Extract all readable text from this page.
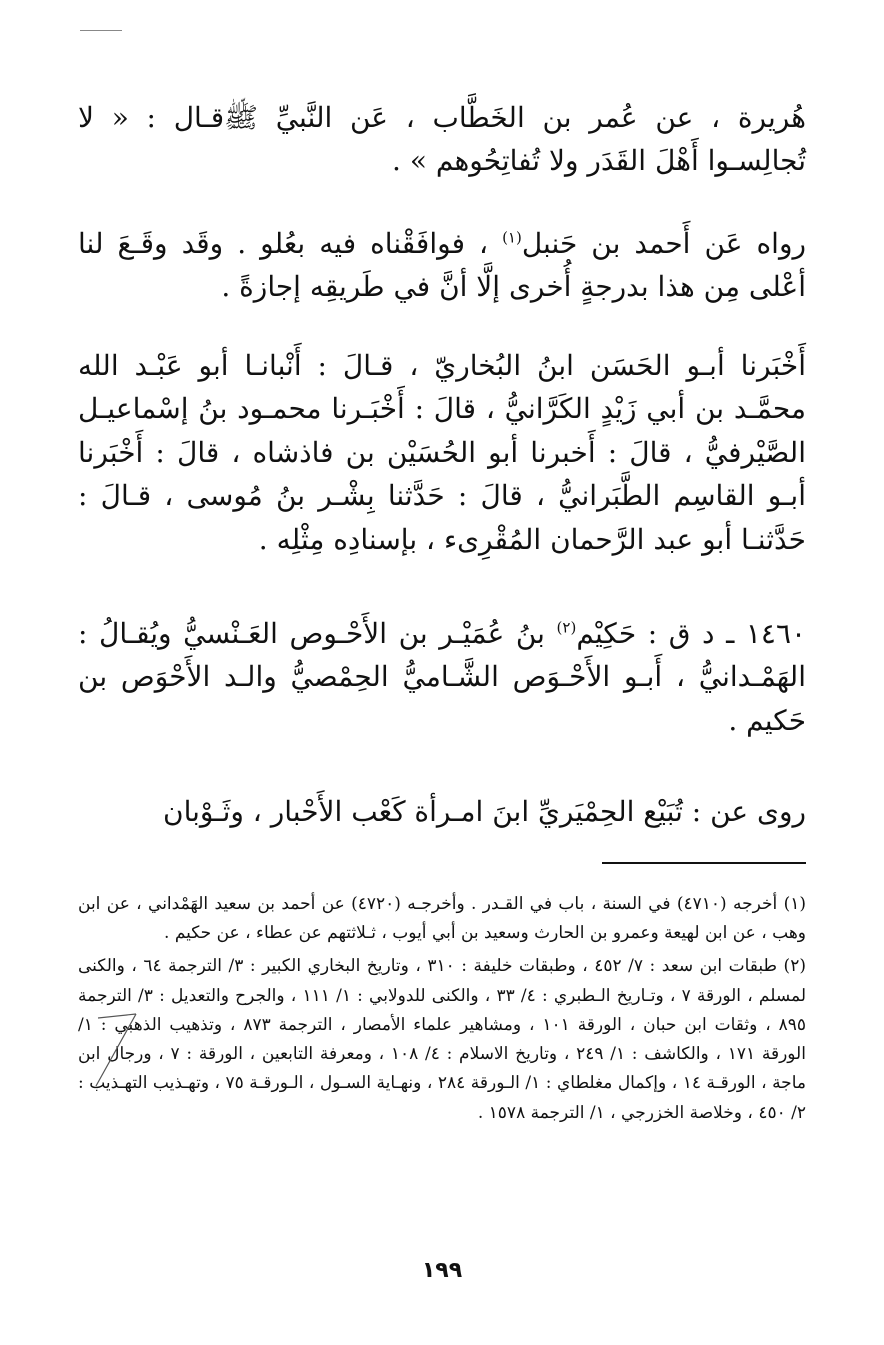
هُريرة ، عن عُمر بن الخَطَّاب ، عَن النَّبيِّ ﷺقـال : « لا تُجالِسـوا أَهْلَ القَدَر ولا تُفاتِحُوهم » .

رواه عَن أَحمد بن حَنبل$^{(١)}$ ، فوافَقْناه فيه بعُلو . وقَد وقَـعَ لنا أعْلى مِن هذا بدرجةٍ أُخرى إلَّا أنَّ في طَريقِه إجازةً .

أَخْبَرنا أبـو الحَسَن ابنُ البُخاريّ ، قـالَ : أَنْبانـا أبو عَبْـد الله محمَّـد بن أبي زَيْدٍ الكَرَّانيُّ ، قالَ : أَخْبَـرنا محمـود بنُ إسْماعيـل الصَّيْرفيُّ ، قالَ : أَخبرنا أبو الحُسَيْن بن فاذشاه ، قالَ : أَخْبَرنا أبـو القاسِم الطَّبَرانيُّ ، قالَ : حَدَّثنا بِشْـر بنُ مُوسى ، قـالَ : حَدَّثنـا أبو عبد الرَّحمان المُقْرِىء ، بإسنادِه مِثْلِه .

١٤٦٠ ـ د ق : حَكِيْم$^{(٢)}$ بنُ عُمَيْـر بن الأَحْـوص العَـنْسيُّ ويُقـالُ : الهَمْـدانيُّ ، أَبـو الأَحْـوَص الشَّـاميُّ الحِمْصيُّ والـد الأَحْوَص بن حَكيم .

روى عن : تُبَيْع الحِمْيَريِّ ابنَ امـرأة كَعْب الأَحْبار ، وثَـوْبان

(١) أخرجه (٤٧١٠) في السنة ، باب في القـدر . وأخرجـه (٤٧٢٠) عن أحمد بن سعيد الهَمْداني ، عن ابن وهب ، عن ابن لهيعة وعمرو بن الحارث وسعيد بن أبي أيوب ، ثـلاثتهم عن عطاء ، عن حكيم .

(٢) طبقات ابن سعد : ٧/ ٤٥٢ ، وطبقات خليفة : ٣١٠ ، وتاريخ البخاري الكبير : ٣/ الترجمة ٦٤ ، والكنى لمسلم ، الورقة ٧ ، وتـاريخ الـطبري : ٤/ ٣٣ ، والكنى للدولابي : ١/ ١١١ ، والجرح والتعديل : ٣/ الترجمة ٨٩٥ ، وثقات ابن حبان ، الورقة ١٠١ ، ومشاهير علماء الأمصار ، الترجمة ٨٧٣ ، وتذهيب الذهبي : ١/ الورقة ١٧١ ، والكاشف : ١/ ٢٤٩ ، وتاريخ الاسلام : ٤/ ١٠٨ ، ومعرفة التابعين ، الورقة : ٧ ، ورجال ابن ماجة ، الورقـة ١٤ ، وإكمال مغلطاي : ١/ الـورقة ٢٨٤ ، ونهـاية السـول ، الـورقـة ٧٥ ، وتهـذيب التهـذيب : ٢/ ٤٥٠ ، وخلاصة الخزرجي ، ١/ الترجمة ١٥٧٨ .

١٩٩
